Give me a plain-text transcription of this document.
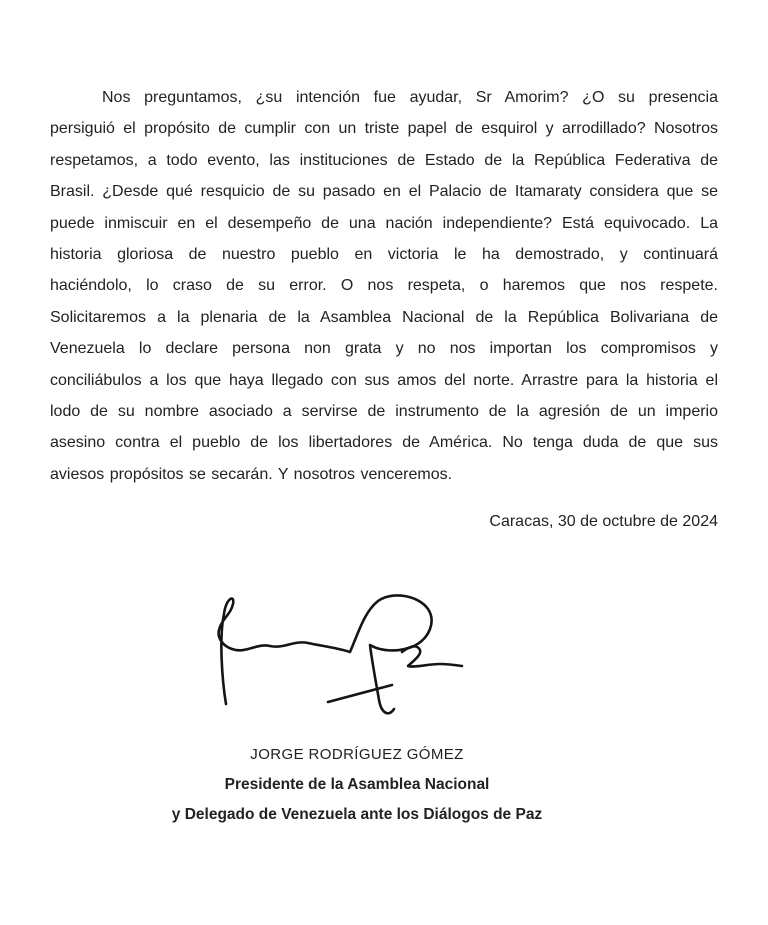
Nos preguntamos, ¿su intención fue ayudar, Sr Amorim? ¿O su presencia
persiguió el propósito de cumplir con un triste papel de esquirol y arrodillado? Nosotros
respetamos, a todo evento, las instituciones de Estado de la República Federativa de
Brasil. ¿Desde qué resquicio de su pasado en el Palacio de Itamaraty considera que se
puede inmiscuir en el desempeño de una nación independiente? Está equivocado. La
historia gloriosa de nuestro pueblo en victoria le ha demostrado, y continuará
haciéndolo, lo craso de su error. O nos respeta, o haremos que nos respete.
Solicitaremos a la plenaria de la Asamblea Nacional de la República Bolivariana de
Venezuela lo declare persona non grata y no nos importan los compromisos y
conciliábulos a los que haya llegado con sus amos del norte. Arrastre para la historia el
lodo de su nombre asociado a servirse de instrumento de la agresión de un imperio
asesino contra el pueblo de los libertadores de América. No tenga duda de que sus
aviesos propósitos se secarán. Y nosotros venceremos.
Caracas, 30 de octubre de 2024
JORGE RODRÍGUEZ GÓMEZ
Presidente de la Asamblea Nacional
y Delegado de Venezuela ante los Diálogos de Paz
